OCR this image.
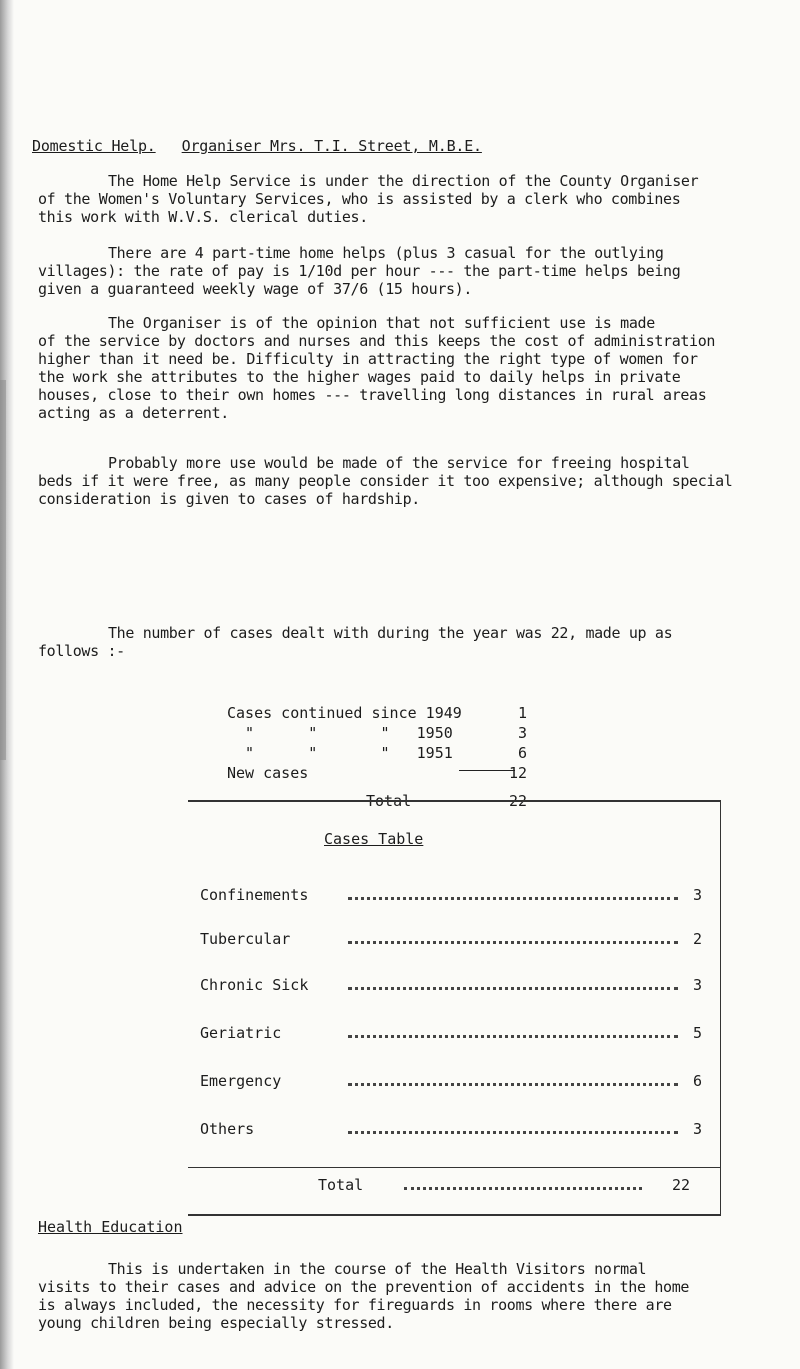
Domestic Help. Organiser Mrs. T.I. Street, M.B.E.

The Home Help Service is under the direction of the County Organiser

of the Women's Voluntary Services, who is assisted by a clerk who combines

this work with W.V.S. clerical duties.

There are 4 part-time home helps (plus 3 casual for the outlying

villages): the rate of pay is 1/10d per hour --- the part-time helps being

given a guaranteed weekly wage of 37/6 (15 hours).

The Organiser is of the opinion that not sufficient use is made

of the service by doctors and nurses and this keeps the cost of administration

higher than it need be. Difficulty in attracting the right type of women for

the work she attributes to the higher wages paid to daily helps in private

houses, close to their own homes --- travelling long distances in rural areas

acting as a deterrent.

Probably more use would be made of the service for freeing hospital

beds if it were free, as many people consider it too expensive; although special

consideration is given to cases of hardship.

The number of cases dealt with during the year was 22, made up as

follows :-

Cases continued since 1949	1
"      "       "   1950	3
"      "       "   1951	6
New cases	12
Total	22
Cases Table
Confinements	3
Tubercular	2
Chronic Sick	3
Geriatric	5
Emergency	6
Others	3
Total	22
Health Education

This is undertaken in the course of the Health Visitors normal

visits to their cases and advice on the prevention of accidents in the home

is always included, the necessity for fireguards in rooms where there are

young children being especially stressed.
